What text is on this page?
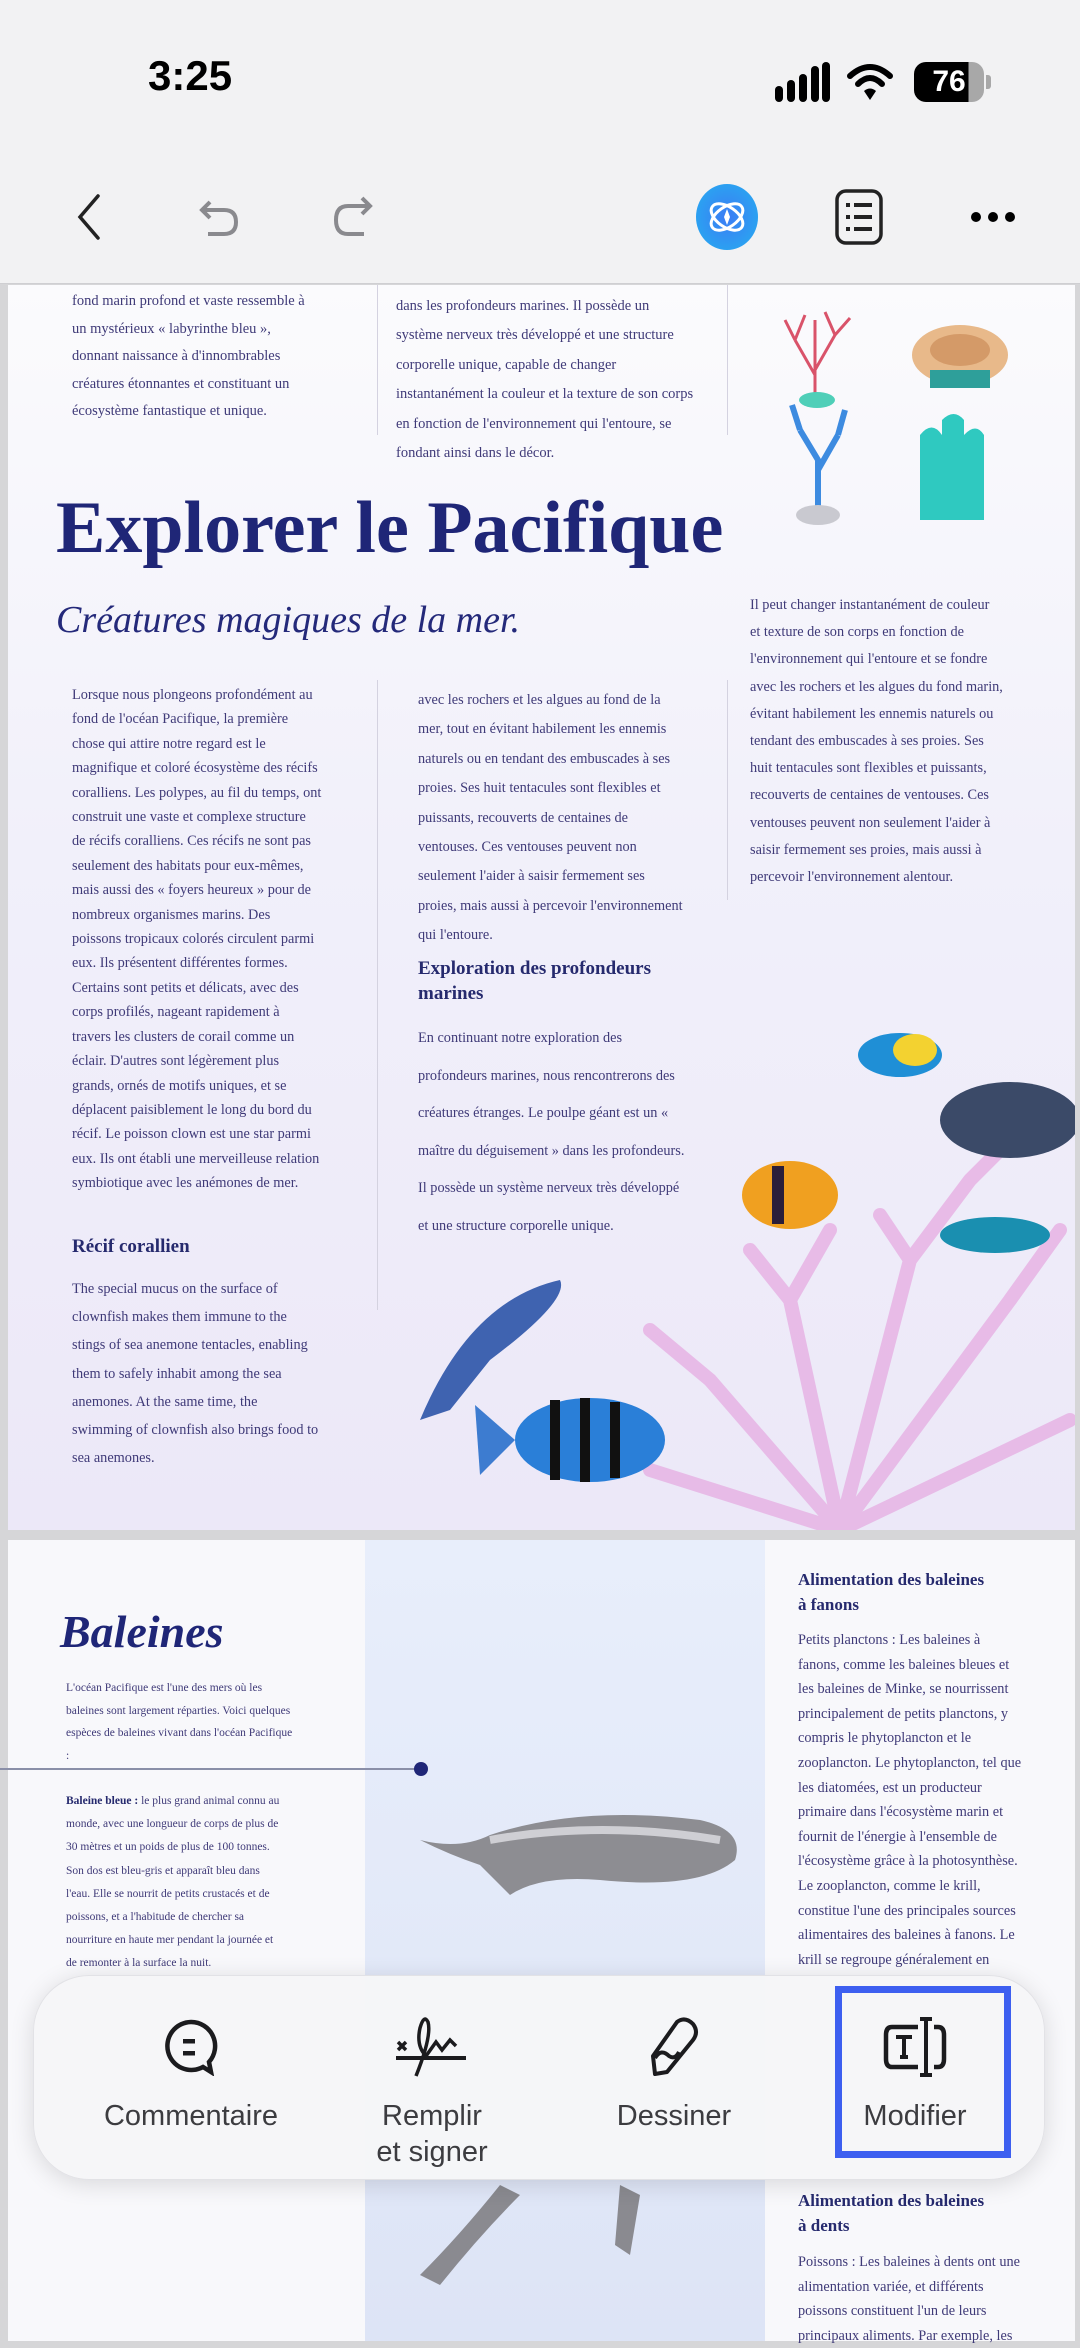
3:25	76
fond marin profond et vaste ressemble à
un mystérieux « labyrinthe bleu »,
donnant naissance à d'innombrables
créatures étonnantes et constituant un
écosystème fantastique et unique.
dans les profondeurs marines. Il possède un
système nerveux très développé et une structure
corporelle unique, capable de changer
instantanément la couleur et la texture de son corps
en fonction de l'environnement qui l'entoure, se
fondant ainsi dans le décor.
Explorer le Pacifique
Créatures magiques de la mer.
Lorsque nous plongeons profondément au
fond de l'océan Pacifique, la première
chose qui attire notre regard est le
magnifique et coloré écosystème des récifs
coralliens. Les polypes, au fil du temps, ont
construit une vaste et complexe structure
de récifs coralliens. Ces récifs ne sont pas
seulement des habitats pour eux-mêmes,
mais aussi des « foyers heureux » pour de
nombreux organismes marins. Des
poissons tropicaux colorés circulent parmi
eux. Ils présentent différentes formes.
Certains sont petits et délicats, avec des
corps profilés, nageant rapidement à
travers les clusters de corail comme un
éclair. D'autres sont légèrement plus
grands, ornés de motifs uniques, et se
déplacent paisiblement le long du bord du
récif. Le poisson clown est une star parmi
eux. Ils ont établi une merveilleuse relation
symbiotique avec les anémones de mer.
Récif corallien
The special mucus on the surface of
clownfish makes them immune to the
stings of sea anemone tentacles, enabling
them to safely inhabit among the sea
anemones. At the same time, the
swimming of clownfish also brings food to
sea anemones.
avec les rochers et les algues au fond de la
mer, tout en évitant habilement les ennemis
naturels ou en tendant des embuscades à ses
proies. Ses huit tentacules sont flexibles et
puissants, recouverts de centaines de
ventouses. Ces ventouses peuvent non
seulement l'aider à saisir fermement ses
proies, mais aussi à percevoir l'environnement
qui l'entoure.
Exploration des profondeurs
marines
En continuant notre exploration des
profondeurs marines, nous rencontrerons des
créatures étranges. Le poulpe géant est un «
maître du déguisement » dans les profondeurs.
Il possède un système nerveux très développé
et une structure corporelle unique.
Il peut changer instantanément de couleur
et texture de son corps en fonction de
l'environnement qui l'entoure et se fondre
avec les rochers et les algues du fond marin,
évitant habilement les ennemis naturels ou
tendant des embuscades à ses proies. Ses
huit tentacules sont flexibles et puissants,
recouverts de centaines de ventouses. Ces
ventouses peuvent non seulement l'aider à
saisir fermement ses proies, mais aussi à
percevoir l'environnement alentour.
Baleines
L'océan Pacifique est l'une des mers où les
baleines sont largement réparties. Voici quelques
espèces de baleines vivant dans l'océan Pacifique
:
Baleine bleue : le plus grand animal connu au
monde, avec une longueur de corps de plus de
30 mètres et un poids de plus de 100 tonnes.
Son dos est bleu-gris et apparaît bleu dans
l'eau. Elle se nourrit de petits crustacés et de
poissons, et a l'habitude de chercher sa
nourriture en haute mer pendant la journée et
de remonter à la surface la nuit.
Alimentation des baleines
à fanons
Petits planctons : Les baleines à
fanons, comme les baleines bleues et
les baleines de Minke, se nourrissent
principalement de petits planctons, y
compris le phytoplancton et le
zooplancton. Le phytoplancton, tel que
les diatomées, est un producteur
primaire dans l'écosystème marin et
fournit de l'énergie à l'ensemble de
l'écosystème grâce à la photosynthèse.
Le zooplancton, comme le krill,
constitue l'une des principales sources
alimentaires des baleines à fanons. Le
krill se regroupe généralement en
Alimentation des baleines
à dents
Poissons : Les baleines à dents ont une
alimentation variée, et différents
poissons constituent l'un de leurs
principaux aliments. Par exemple, les
Commentaire	Remplir
et signer
Dessiner	Modifier
